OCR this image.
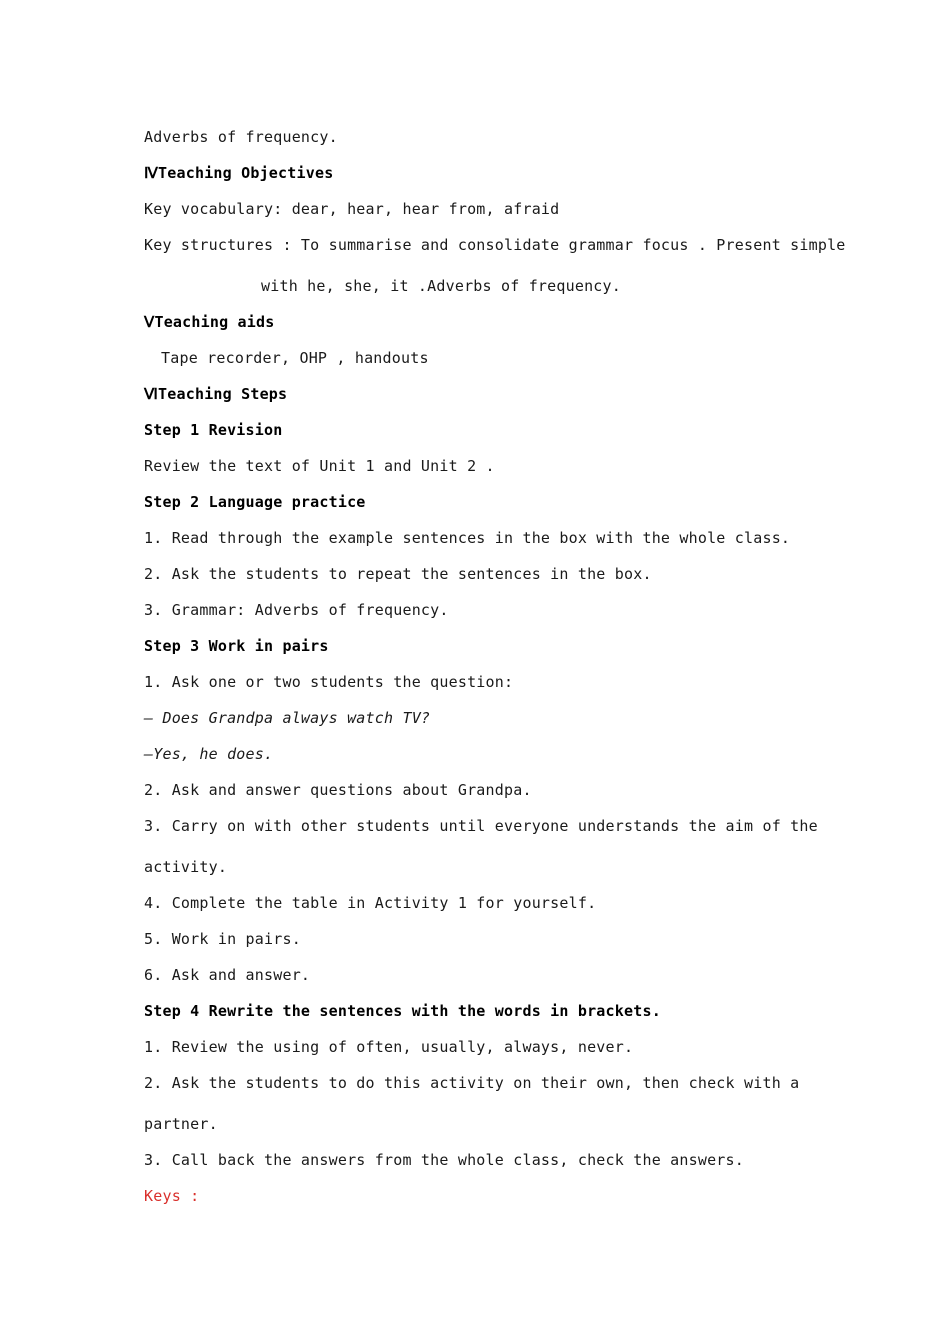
Adverbs of frequency.
ⅣTeaching Objectives
Key vocabulary: dear, hear, hear from, afraid
Key structures : To summarise and consolidate grammar focus . Present simple
with he, she, it .Adverbs of frequency.
ⅤTeaching aids
Tape recorder, OHP , handouts
ⅥTeaching Steps
Step 1 Revision
Review the text of Unit 1 and Unit 2 .
Step 2 Language practice
1. Read through the example sentences in the box with the whole class.
2. Ask the students to repeat the sentences in the box.
3. Grammar: Adverbs of frequency.
Step 3 Work in pairs
1. Ask one or two students the question:
— Does Grandpa always watch TV?
—Yes, he does.
2. Ask and answer questions about Grandpa.
3. Carry on with other students until everyone understands the aim of the
activity.
4. Complete the table in Activity 1 for yourself.
5. Work in pairs.
6. Ask and answer.
Step 4 Rewrite the sentences with the words in brackets.
1. Review the using of often, usually, always, never.
2. Ask the students to do this activity on their own, then check with a
partner.
3. Call back the answers from the whole class, check the answers.
Keys :
